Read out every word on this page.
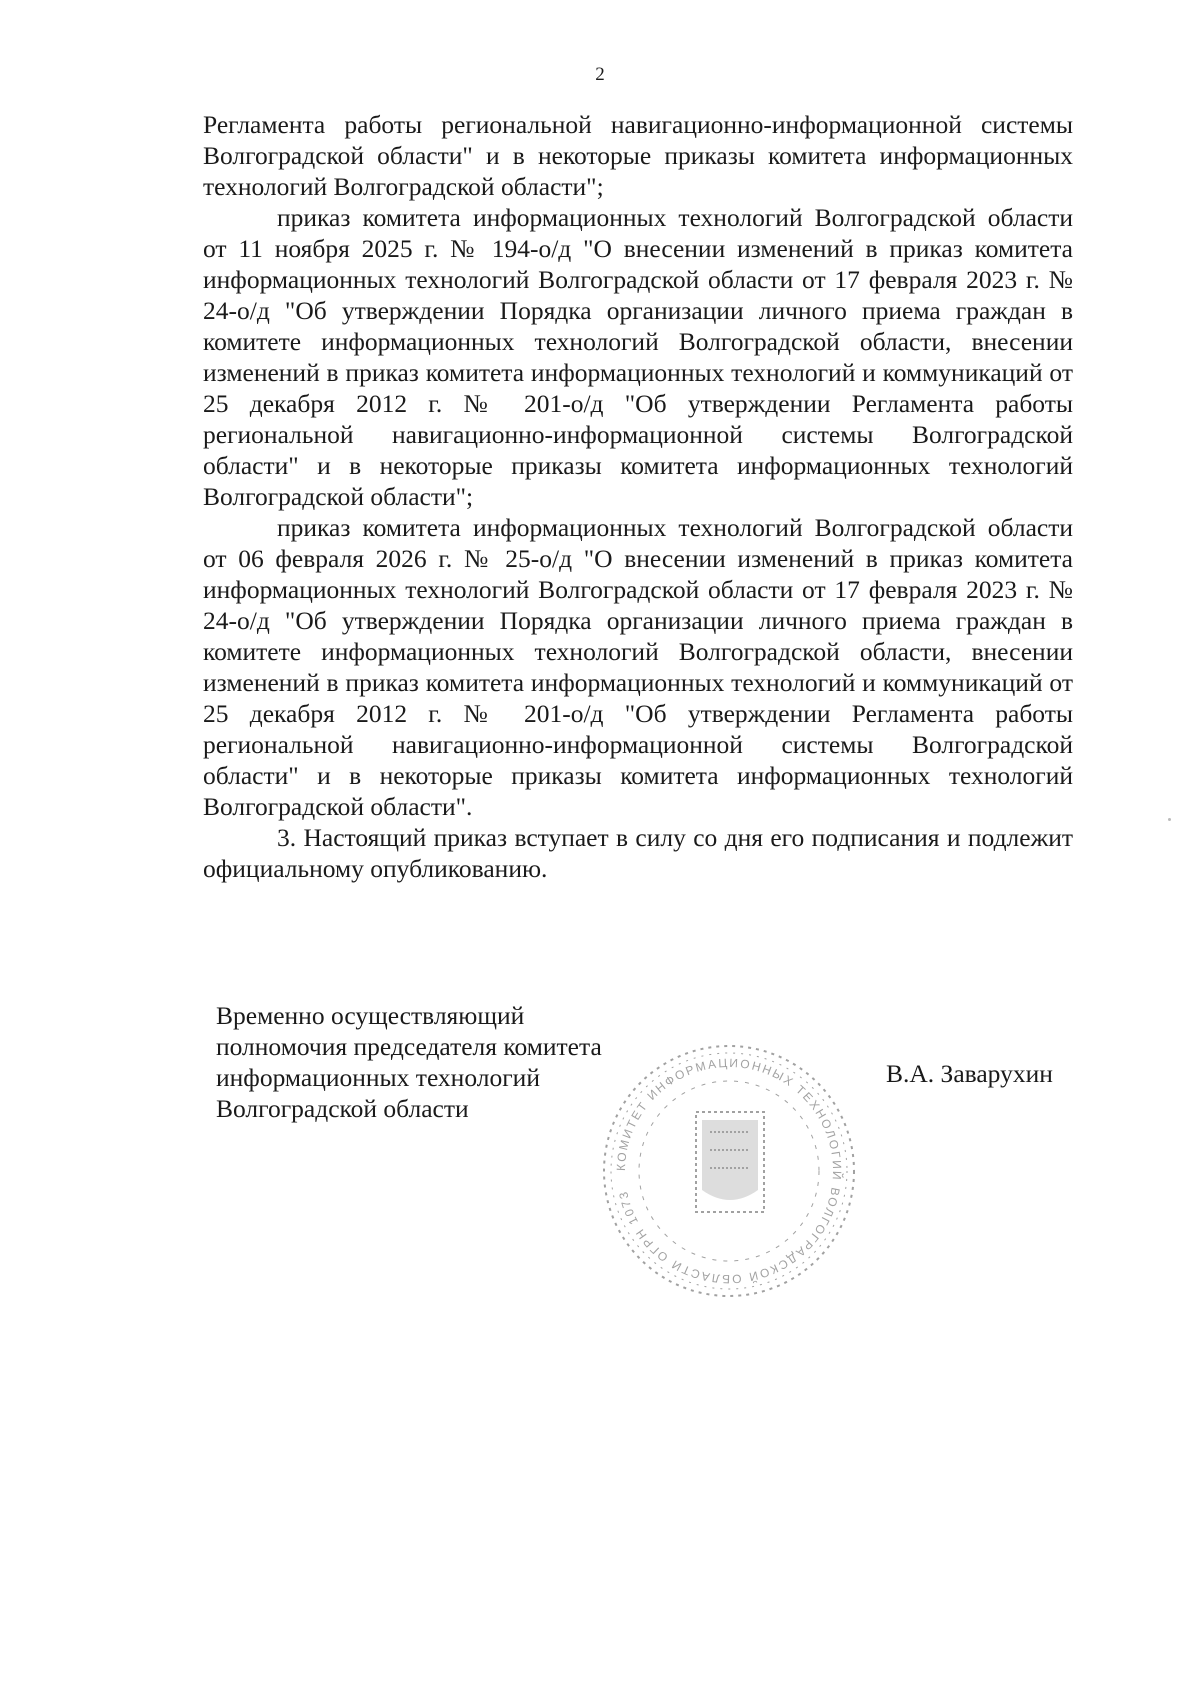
2

Регламента работы региональной навигационно-информационной системы Волгоградской области" и в некоторые приказы комитета информационных технологий Волгоградской области";

приказ комитета информационных технологий Волгоградской области от 11 ноября 2025 г. № 194-о/д "О внесении изменений в приказ комитета информационных технологий Волгоградской области от 17 февраля 2023 г. № 24-о/д "Об утверждении Порядка организации личного приема граждан в комитете информационных технологий Волгоградской области, внесении изменений в приказ комитета информационных технологий и коммуникаций от 25 декабря 2012 г. № 201-о/д "Об утверждении Регламента работы региональной навигационно-информационной системы Волгоградской области" и в некоторые приказы комитета информационных технологий Волгоградской области";

приказ комитета информационных технологий Волгоградской области от 06 февраля 2026 г. № 25-о/д "О внесении изменений в приказ комитета информационных технологий Волгоградской области от 17 февраля 2023 г. № 24-о/д "Об утверждении Порядка организации личного приема граждан в комитете информационных технологий Волгоградской области, внесении изменений в приказ комитета информационных технологий и коммуникаций от 25 декабря 2012 г. № 201-о/д "Об утверждении Регламента работы региональной навигационно-информационной системы Волгоградской области" и в некоторые приказы комитета информационных технологий Волгоградской области".

3. Настоящий приказ вступает в силу со дня его подписания и подлежит официальному опубликованию.

Временно осуществляющий
полномочия председателя комитета
информационных технологий
Волгоградской области
В.А. Заварухин
КОМИТЕТ ИНФОРМАЦИОННЫХ ТЕХНОЛОГИЙ ВОЛГОГРАДСКОЙ ОБЛАСТИ ОГРН 1073
